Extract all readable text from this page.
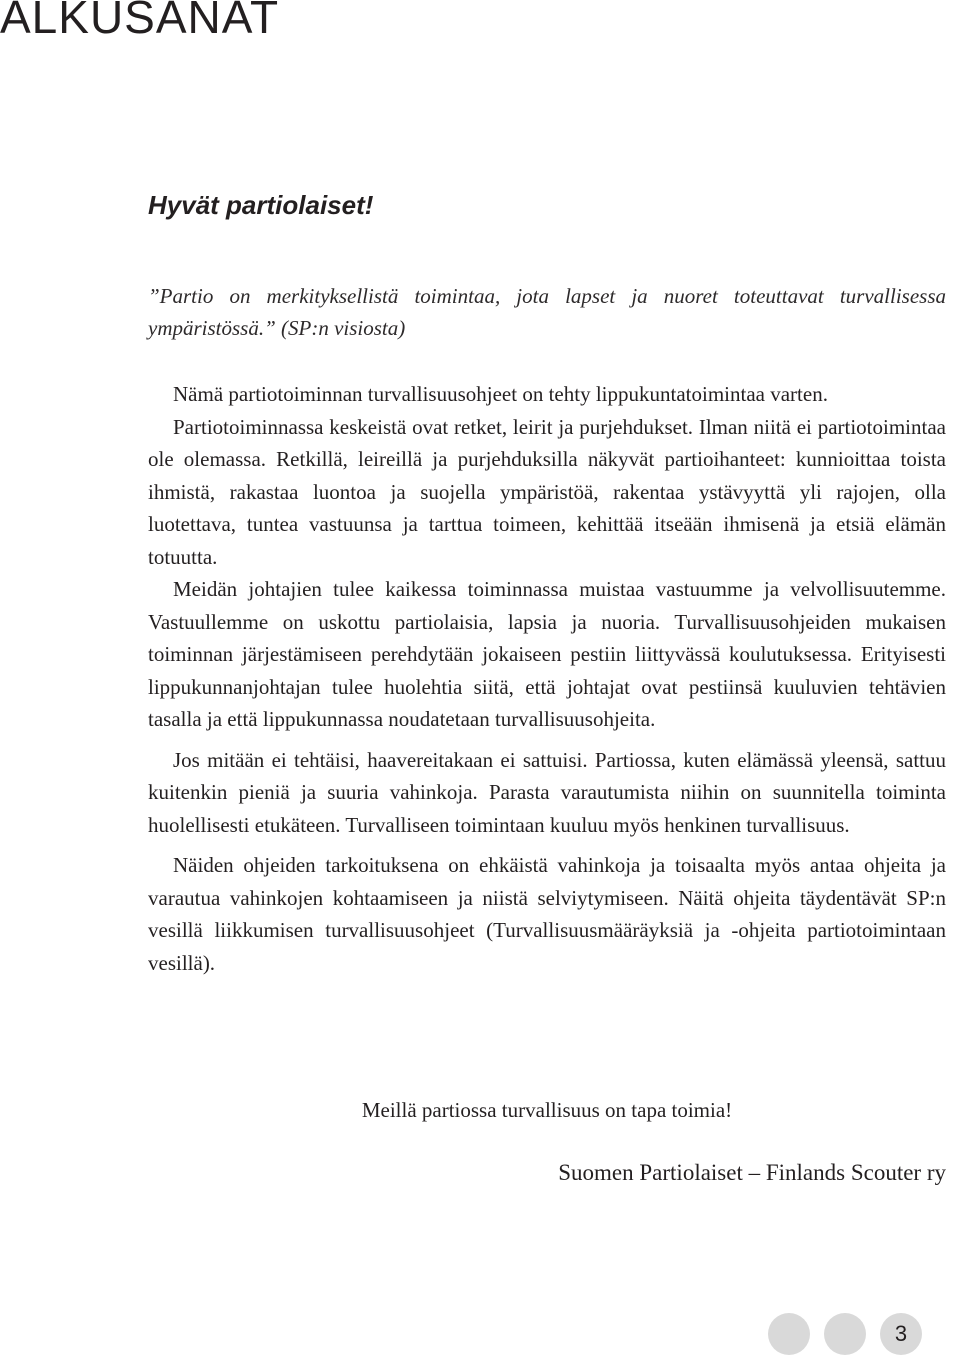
ALKUSANAT
Hyvät partiolaiset!

”Partio on merkityksellistä toimintaa, jota lapset ja nuoret toteuttavat turvallisessa ympäristössä.” (SP:n visiosta)

Nämä partiotoiminnan turvallisuusohjeet on tehty lippukuntatoimintaa varten.

Partiotoiminnassa keskeistä ovat retket, leirit ja purjehdukset. Ilman niitä ei partiotoimintaa ole olemassa. Retkillä, leireillä ja purjehduksilla näkyvät partioihanteet: kunnioittaa toista ihmistä, rakastaa luontoa ja suojella ympäristöä, rakentaa ystävyyttä yli rajojen, olla luotettava, tuntea vastuunsa ja tarttua toimeen, kehittää itseään ihmisenä ja etsiä elämän totuutta.

Meidän johtajien tulee kaikessa toiminnassa muistaa vastuumme ja velvollisuutemme. Vastuullemme on uskottu partiolaisia, lapsia ja nuoria. Turvallisuusohjeiden mukaisen toiminnan järjestämiseen perehdytään jokaiseen pestiin liittyvässä koulutuksessa. Erityisesti lippukunnanjohtajan tulee huolehtia siitä, että johtajat ovat pestiinsä kuuluvien tehtävien tasalla ja että lippukunnassa noudatetaan turvallisuusohjeita.

Jos mitään ei tehtäisi, haavereitakaan ei sattuisi. Partiossa, kuten elämässä yleensä, sattuu kuitenkin pieniä ja suuria vahinkoja. Parasta varautumista niihin on suunnitella toiminta huolellisesti etukäteen. Turvalliseen toimintaan kuuluu myös henkinen turvallisuus.

Näiden ohjeiden tarkoituksena on ehkäistä vahinkoja ja toisaalta myös antaa ohjeita ja varautua vahinkojen kohtaamiseen ja niistä selviytymiseen. Näitä ohjeita täydentävät SP:n vesillä liikkumisen turvallisuusohjeet (Turvallisuusmääräyksiä ja -ohjeita partiotoimintaan vesillä).

Meillä partiossa turvallisuus on tapa toimia!

Suomen Partiolaiset – Finlands Scouter ry

3
